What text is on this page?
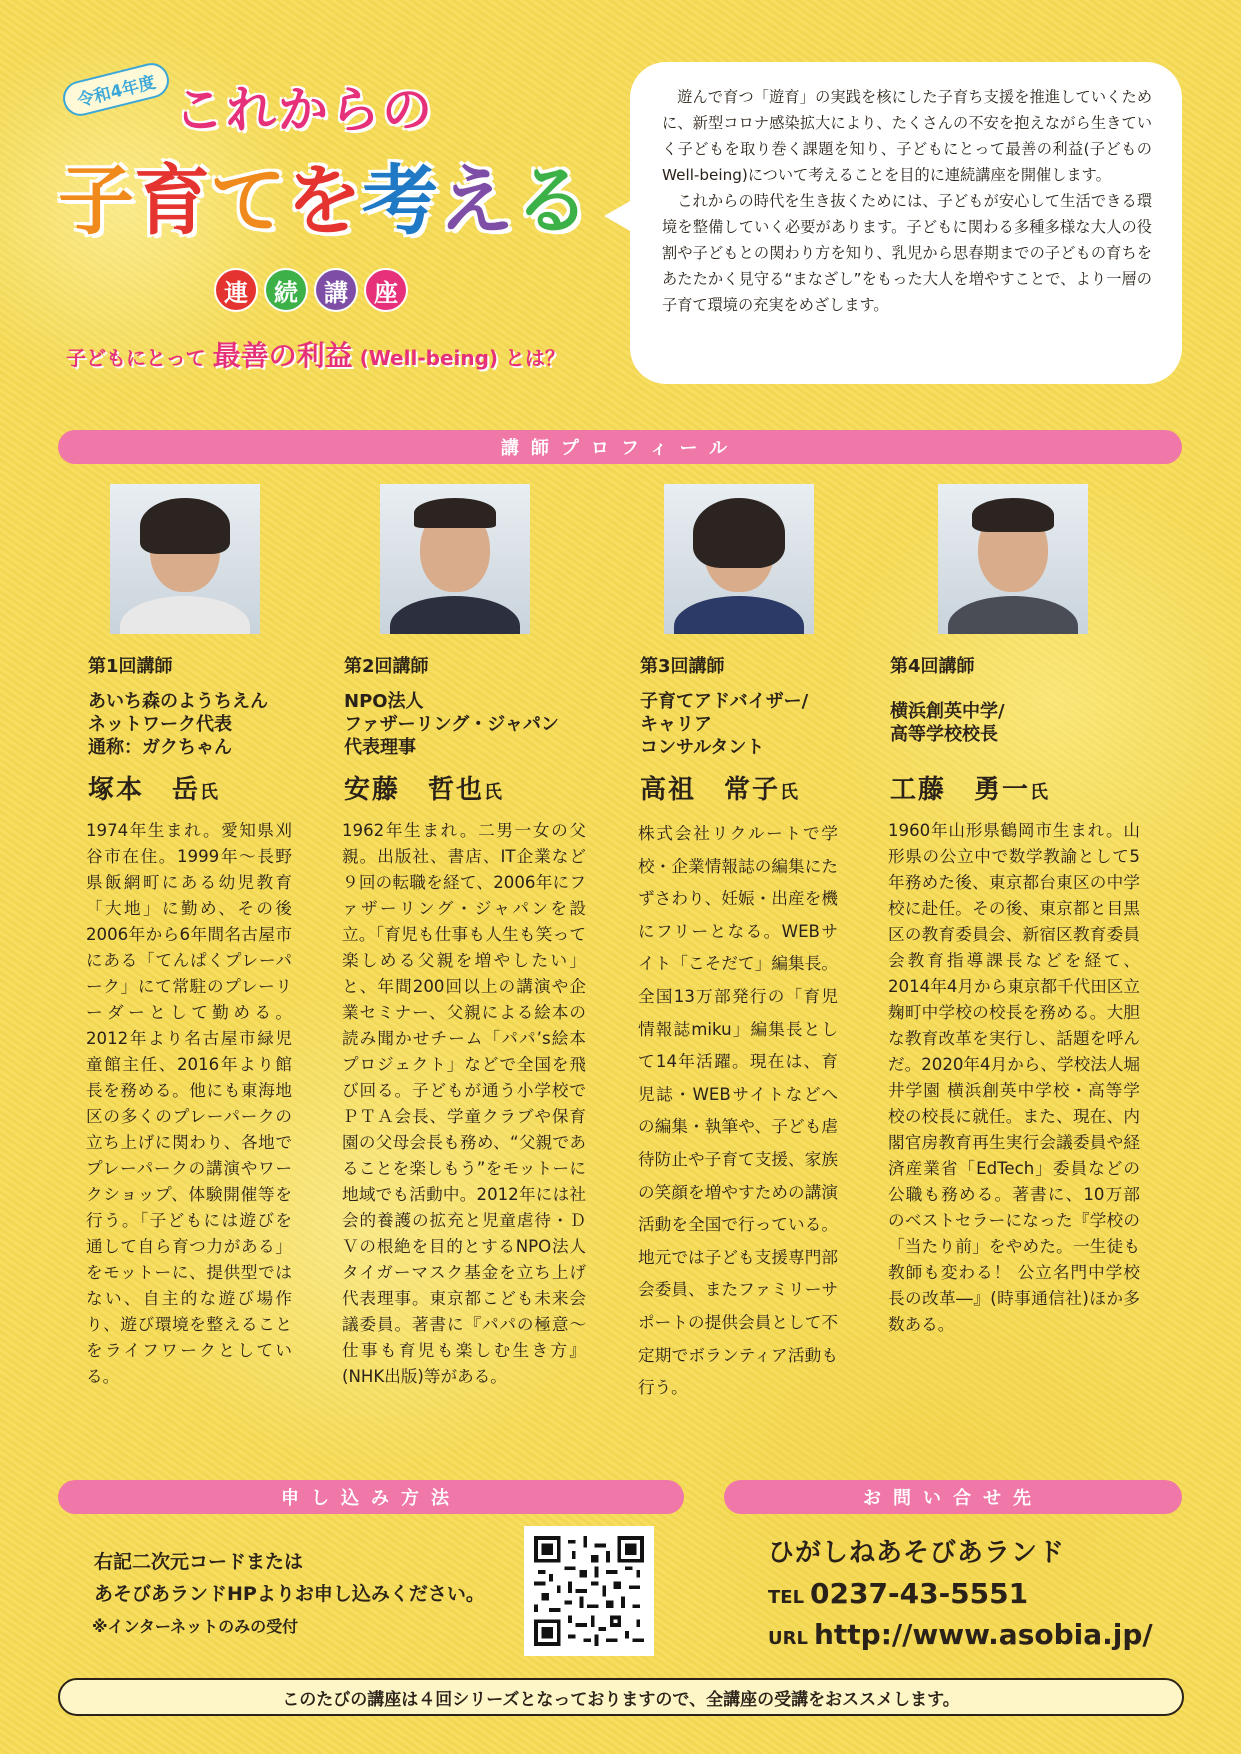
令和4年度 これからの
子育てを考える
連	続	講	座
子どもにとって 最善の利益 (Well-being) とは？

遊んで育つ「遊育」の実践を核にした子育ち支援を推進していくために、新型コロナ感染拡大により、たくさんの不安を抱えながら生きていく子どもを取り巻く課題を知り、子どもにとって最善の利益(子どものWell-being)について考えることを目的に連続講座を開催します。

これからの時代を生き抜くためには、子どもが安心して生活できる環境を整備していく必要があります。子どもに関わる多種多様な大人の役割や子どもとの関わり方を知り、乳児から思春期までの子どもの育ちをあたたかく見守る“まなざし”をもった大人を増やすことで、より一層の子育て環境の充実をめざします。

講師プロフィール
第1回講師
あいち森のようちえん
ネットワーク代表
通称：ガクちゃん
塚本　岳氏
1974年生まれ。愛知県刈谷市在住。1999年～長野県飯網町にある幼児教育「大地」に勤め、その後2006年から6年間名古屋市にある「てんぱくプレーパーク」にて常駐のプレーリーダーとして勤める。2012年より名古屋市緑児童館主任、2016年より館長を務める。他にも東海地区の多くのプレーパークの立ち上げに関わり、各地でプレーパークの講演やワークショップ、体験開催等を行う。「子どもには遊びを通して自ら育つ力がある」をモットーに、提供型ではない、自主的な遊び場作り、遊び環境を整えることをライフワークとしている。
第2回講師
NPO法人
ファザーリング・ジャパン
代表理事
安藤　哲也氏
1962年生まれ。二男一女の父親。出版社、書店、IT企業など９回の転職を経て、2006年にファザーリング・ジャパンを設立。「育児も仕事も人生も笑って楽しめる父親を増やしたい」と、年間200回以上の講演や企業セミナー、父親による絵本の読み聞かせチーム「パパ’s絵本プロジェクト」などで全国を飛び回る。子どもが通う小学校でＰＴＡ会長、学童クラブや保育園の父母会長も務め、“父親であることを楽しもう”をモットーに地域でも活動中。2012年には社会的養護の拡充と児童虐待・ＤＶの根絶を目的とするNPO法人タイガーマスク基金を立ち上げ代表理事。東京都こども未来会議委員。著書に『パパの極意～仕事も育児も楽しむ生き方』(NHK出版)等がある。
第3回講師
子育てアドバイザー/
キャリア
コンサルタント
高祖　常子氏
株式会社リクルートで学校・企業情報誌の編集にたずさわり、妊娠・出産を機にフリーとなる。WEBサイト「こそだて」編集長。全国13万部発行の「育児情報誌miku」編集長として14年活躍。現在は、育児誌・WEBサイトなどへの編集・執筆や、子ども虐待防止や子育て支援、家族の笑顔を増やすための講演活動を全国で行っている。地元では子ども支援専門部会委員、またファミリーサポートの提供会員として不定期でボランティア活動も行う。
第4回講師
横浜創英中学/
高等学校校長
工藤　勇一氏
1960年山形県鶴岡市生まれ。山形県の公立中で数学教諭として5年務めた後、東京都台東区の中学校に赴任。その後、東京都と目黒区の教育委員会、新宿区教育委員会教育指導課長などを経て、2014年4月から東京都千代田区立麹町中学校の校長を務める。大胆な教育改革を実行し、話題を呼んだ。2020年4月から、学校法人堀井学園 横浜創英中学校・高等学校の校長に就任。また、現在、内閣官房教育再生実行会議委員や経済産業省「EdTech」委員などの公職も務める。著書に、10万部のベストセラーになった『学校の「当たり前」をやめた。一生徒も教師も変わる！ 公立名門中学校長の改革―』(時事通信社)ほか多数ある。
申し込み方法	お問い合せ先
右記二次元コードまたは
あそびあランドHPよりお申し込みください。
※インターネットのみの受付
ひがしねあそびあランド
TEL 0237-43-5551
URL http://www.asobia.jp/
このたびの講座は４回シリーズとなっておりますので、全講座の受講をおススメします。
